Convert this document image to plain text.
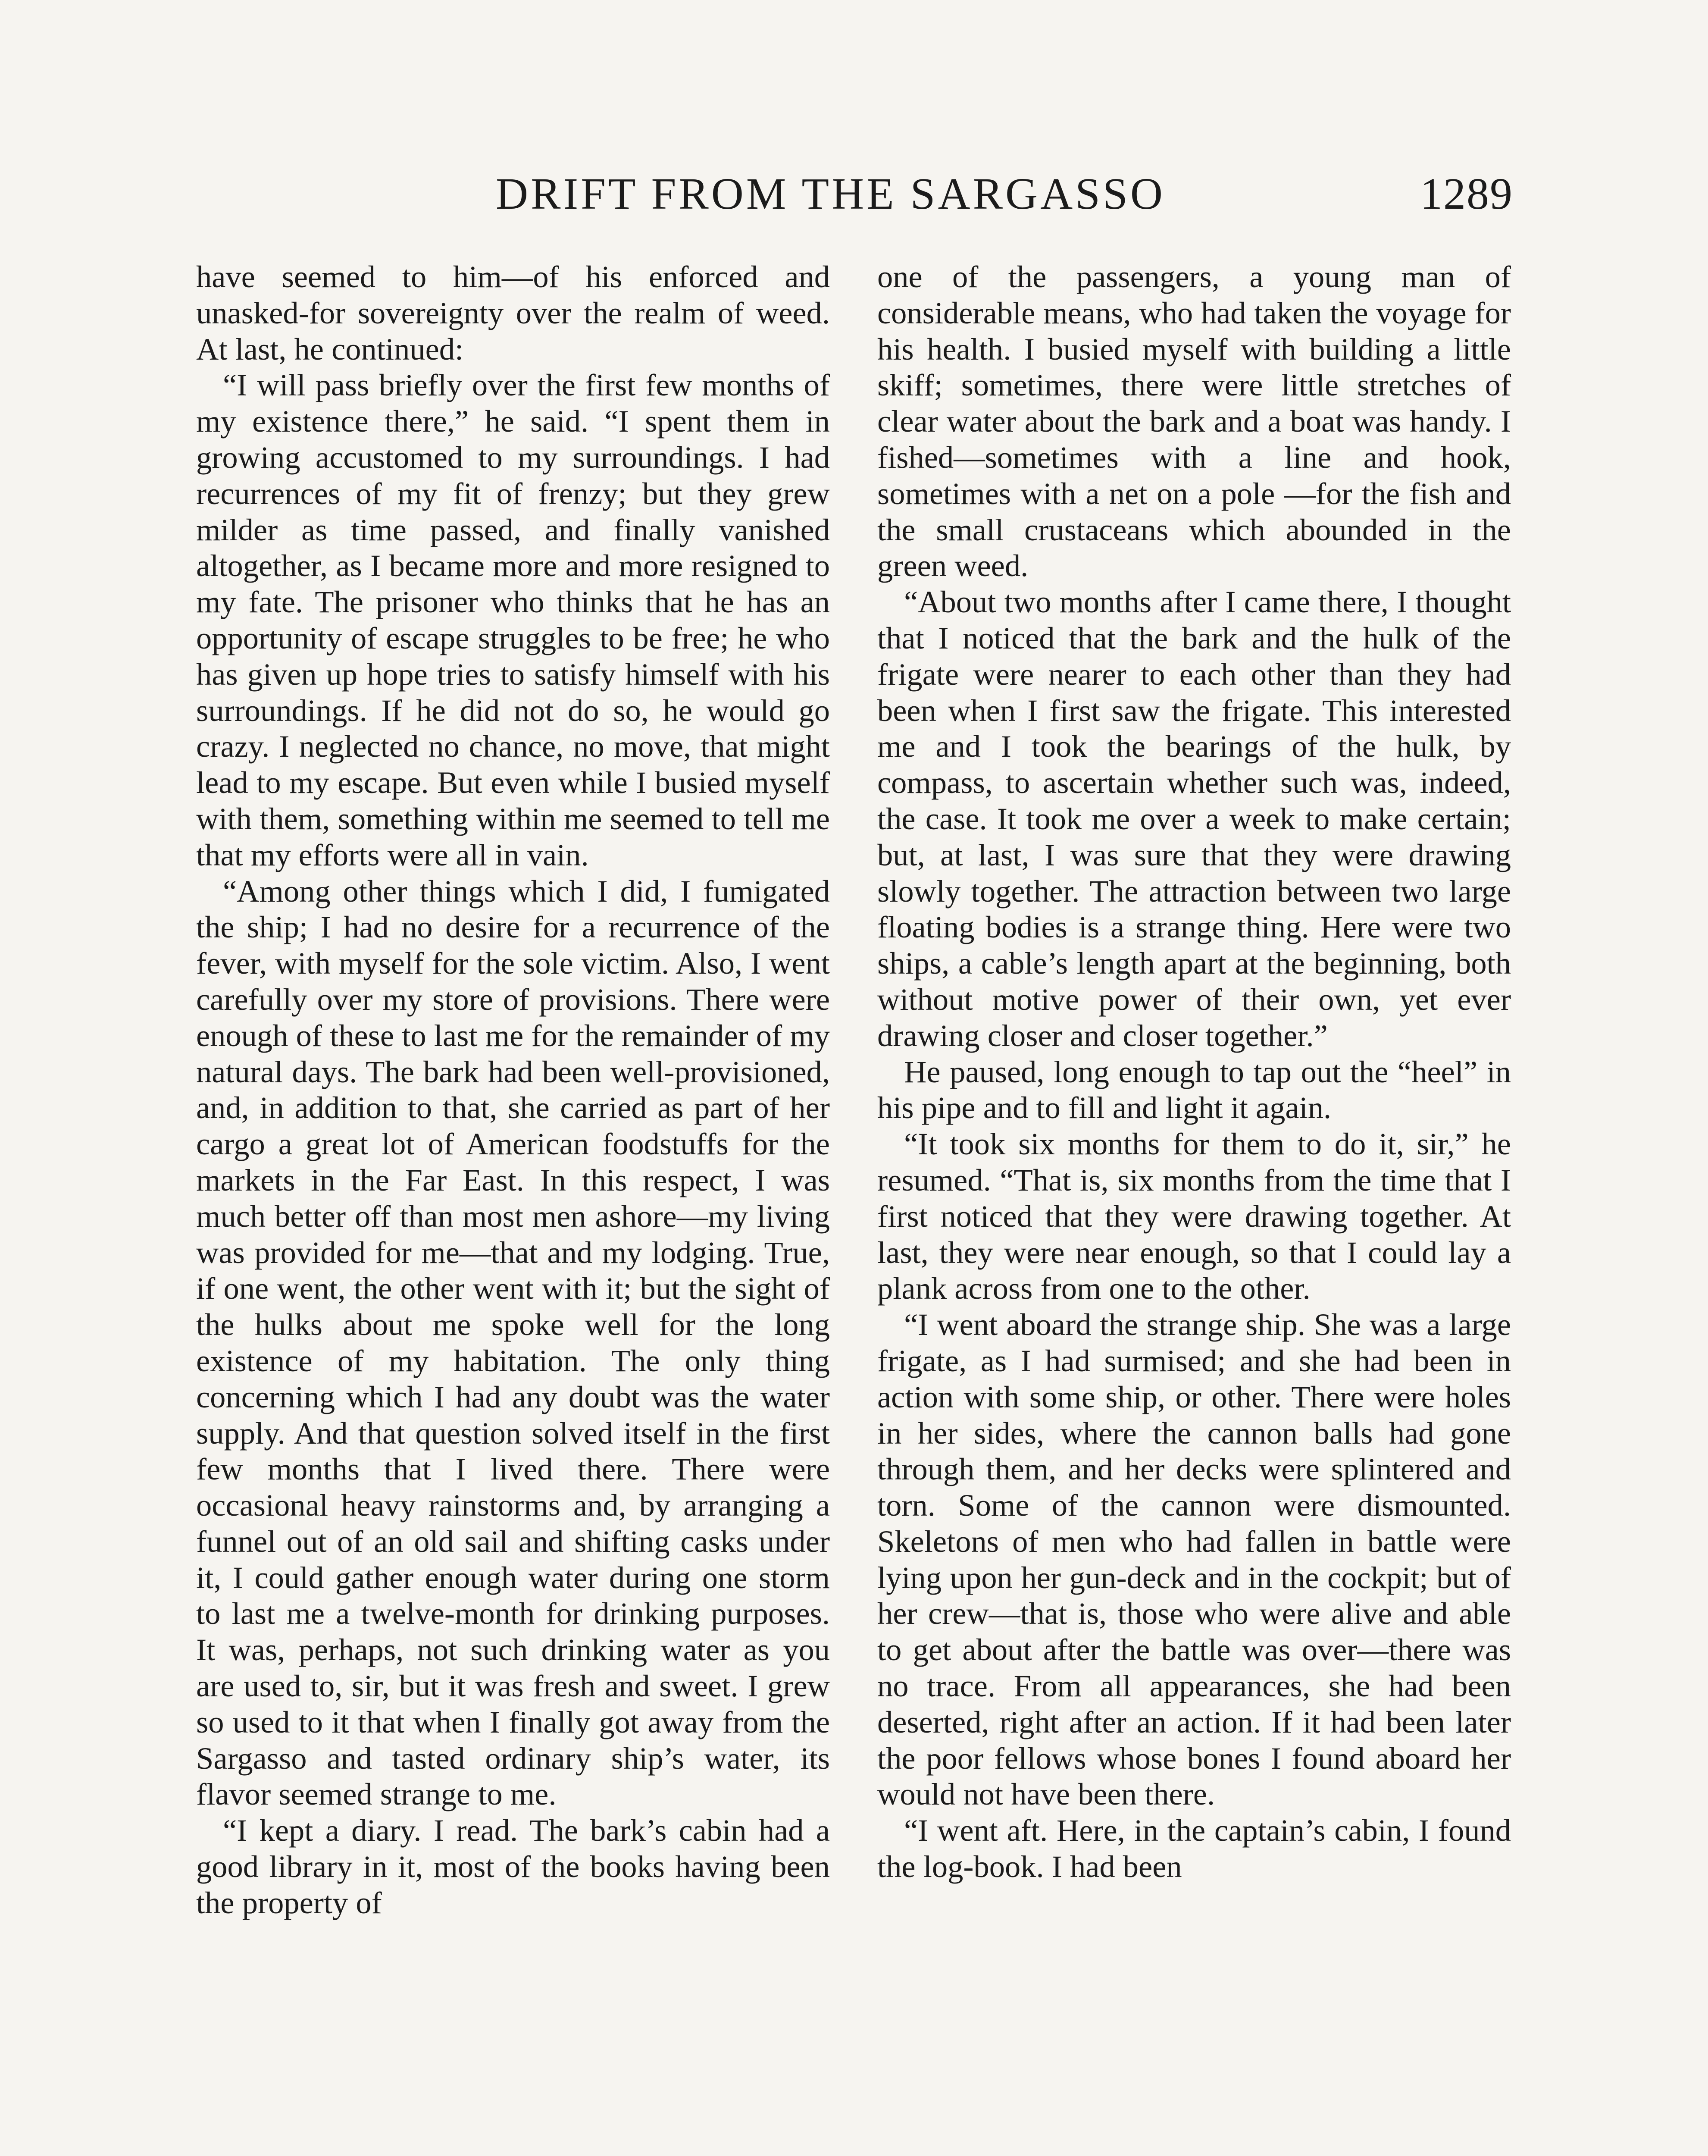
DRIFT FROM THE SARGASSO	1289

have seemed to him—of his enforced and unasked-for sovereignty over the realm of weed. At last, he continued:

“I will pass briefly over the first few months of my existence there,” he said. “I spent them in growing accustomed to my surroundings. I had recurrences of my fit of frenzy; but they grew milder as time passed, and finally vanished altogether, as I became more and more resigned to my fate. The prisoner who thinks that he has an opportunity of escape struggles to be free; he who has given up hope tries to satisfy himself with his surroundings. If he did not do so, he would go crazy. I neglected no chance, no move, that might lead to my escape. But even while I busied myself with them, something within me seemed to tell me that my efforts were all in vain.

“Among other things which I did, I fumigated the ship; I had no desire for a recurrence of the fever, with myself for the sole victim. Also, I went carefully over my store of provisions. There were enough of these to last me for the remainder of my natural days. The bark had been well-provisioned, and, in addition to that, she carried as part of her cargo a great lot of American foodstuffs for the markets in the Far East. In this respect, I was much better off than most men ashore—my living was provided for me—that and my lodging. True, if one went, the other went with it; but the sight of the hulks about me spoke well for the long existence of my habitation. The only thing concerning which I had any doubt was the water supply. And that question solved itself in the first few months that I lived there. There were occasional heavy rainstorms and, by arranging a funnel out of an old sail and shifting casks under it, I could gather enough water during one storm to last me a twelve-month for drinking purposes. It was, perhaps, not such drinking water as you are used to, sir, but it was fresh and sweet. I grew so used to it that when I finally got away from the Sargasso and tasted ordinary ship’s water, its flavor seemed strange to me.

“I kept a diary. I read. The bark’s cabin had a good library in it, most of the books having been the property of

one of the passengers, a young man of considerable means, who had taken the voyage for his health. I busied myself with building a little skiff; sometimes, there were little stretches of clear water about the bark and a boat was handy. I fished—sometimes with a line and hook, sometimes with a net on a pole —for the fish and the small crustaceans which abounded in the green weed.

“About two months after I came there, I thought that I noticed that the bark and the hulk of the frigate were nearer to each other than they had been when I first saw the frigate. This interested me and I took the bearings of the hulk, by compass, to ascertain whether such was, indeed, the case. It took me over a week to make certain; but, at last, I was sure that they were drawing slowly together. The attraction between two large floating bodies is a strange thing. Here were two ships, a cable’s length apart at the beginning, both without motive power of their own, yet ever drawing closer and closer together.”

He paused, long enough to tap out the “heel” in his pipe and to fill and light it again.

“It took six months for them to do it, sir,” he resumed. “That is, six months from the time that I first noticed that they were drawing together. At last, they were near enough, so that I could lay a plank across from one to the other.

“I went aboard the strange ship. She was a large frigate, as I had surmised; and she had been in action with some ship, or other. There were holes in her sides, where the cannon balls had gone through them, and her decks were splintered and torn. Some of the cannon were dismounted. Skeletons of men who had fallen in battle were lying upon her gun-deck and in the cockpit; but of her crew—that is, those who were alive and able to get about after the battle was over—there was no trace. From all appearances, she had been deserted, right after an action. If it had been later the poor fellows whose bones I found aboard her would not have been there.

“I went aft. Here, in the captain’s cabin, I found the log-book. I had been
